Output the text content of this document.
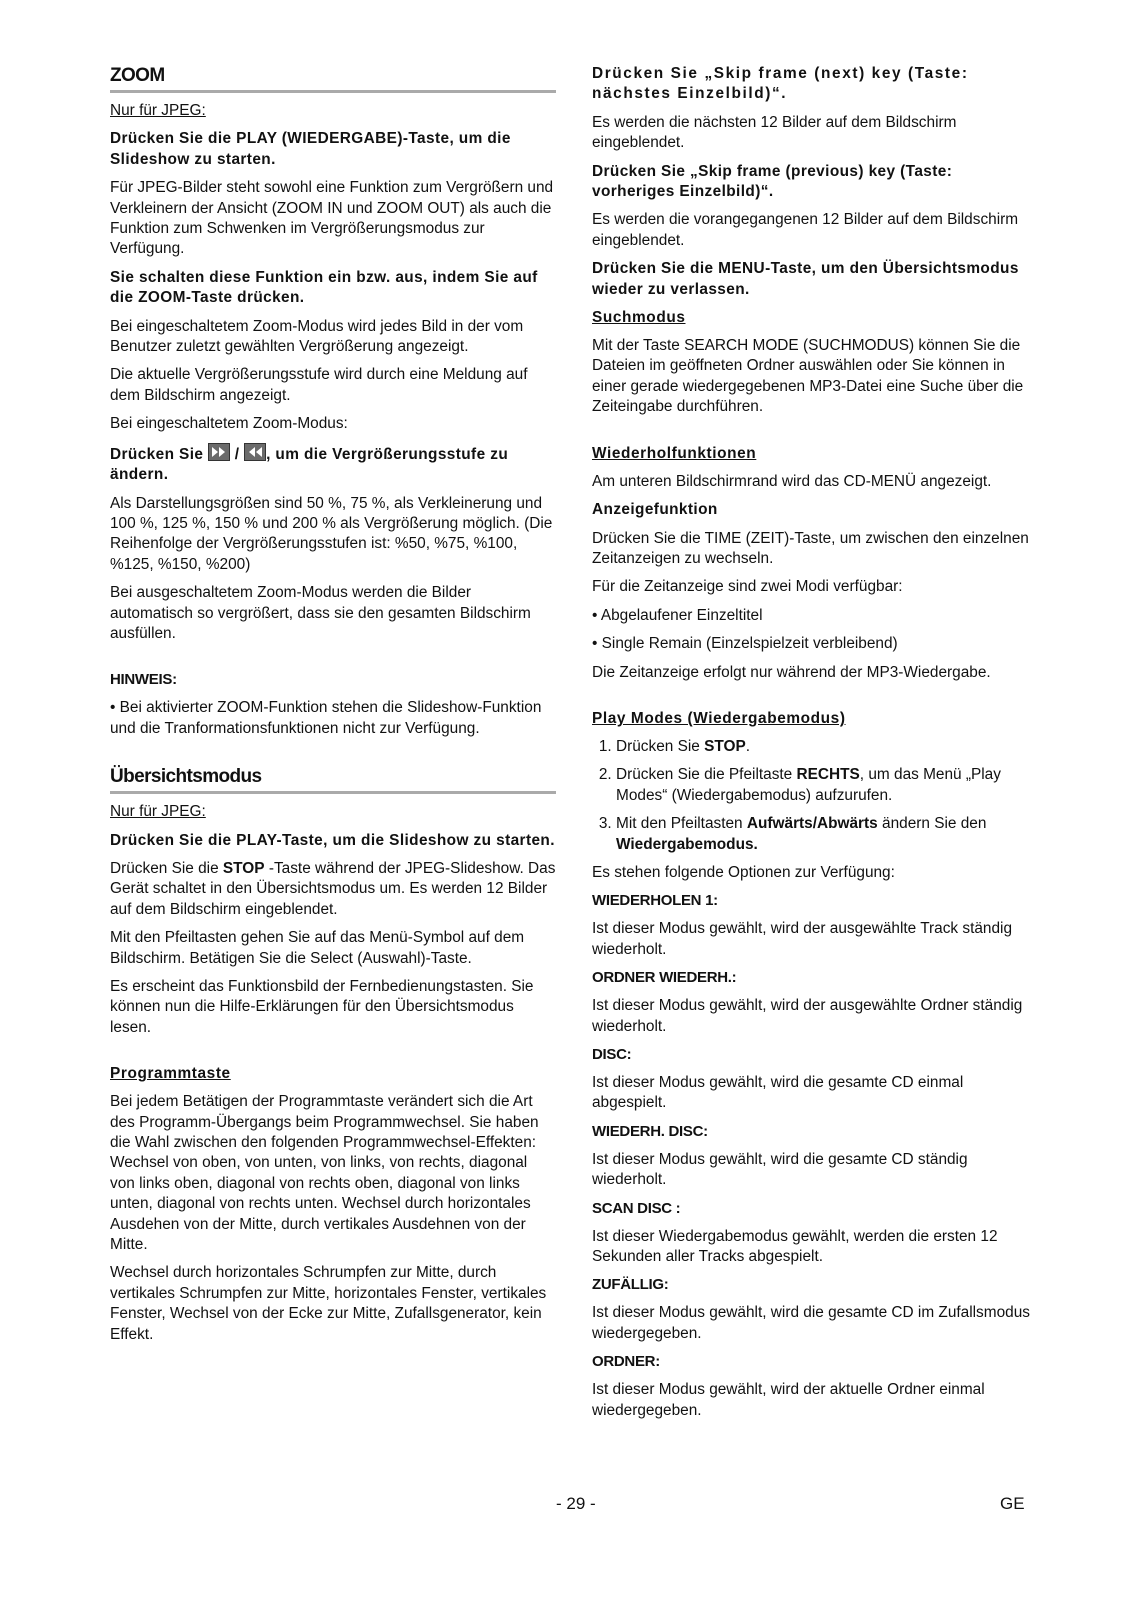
ZOOM

Nur für JPEG:

Drücken Sie die PLAY (WIEDERGABE)-Taste, um die Slideshow zu starten.

Für JPEG-Bilder steht sowohl eine Funktion zum Vergrößern und Verkleinern der Ansicht (ZOOM IN und ZOOM OUT) als auch die Funktion zum Schwenken im Vergrößerungsmodus zur Verfügung.

Sie schalten diese Funktion ein bzw. aus, indem Sie auf die ZOOM-Taste drücken.

Bei eingeschaltetem Zoom-Modus wird jedes Bild in der vom Benutzer zuletzt gewählten Vergrößerung angezeigt.

Die aktuelle Vergrößerungsstufe wird durch eine Meldung auf dem Bildschirm angezeigt.

Bei eingeschaltetem Zoom-Modus:

Drücken Sie
/
, um die Vergrößerungsstufe zu ändern.

Als Darstellungsgrößen sind 50 %, 75 %, als Verkleinerung und 100 %, 125 %, 150 % und 200 % als Vergrößerung möglich. (Die Reihenfolge der Vergrößerungsstufen ist: %50, %75, %100, %125, %150, %200)

Bei ausgeschaltetem Zoom-Modus werden die Bilder automatisch so vergrößert, dass sie den gesamten Bildschirm ausfüllen.

HINWEIS:

• Bei aktivierter ZOOM-Funktion stehen die Slideshow-Funktion und die Tranformationsfunktionen nicht zur Verfügung.

Übersichtsmodus

Nur für JPEG:

Drücken Sie die PLAY-Taste, um die Slideshow zu starten.

Drücken Sie die STOP -Taste während der JPEG-Slideshow. Das Gerät schaltet in den Übersichtsmodus um. Es werden 12 Bilder auf dem Bildschirm eingeblendet.

Mit den Pfeiltasten gehen Sie auf das Menü-Symbol auf dem Bildschirm. Betätigen Sie die Select (Auswahl)-Taste.

Es erscheint das Funktionsbild der Fernbedienungstasten. Sie können nun die Hilfe-Erklärungen für den Übersichtsmodus lesen.

Programmtaste

Bei jedem Betätigen der Programmtaste verändert sich die Art des Programm-Übergangs beim Programmwechsel. Sie haben die Wahl zwischen den folgenden Programmwechsel-Effekten: Wechsel von oben, von unten, von links, von rechts, diagonal von links oben, diagonal von rechts oben, diagonal von links unten, diagonal von rechts unten. Wechsel durch horizontales Ausdehen von der Mitte, durch vertikales Ausdehnen von der Mitte.

Wechsel durch horizontales Schrumpfen zur Mitte, durch vertikales Schrumpfen zur Mitte, horizontales Fenster, vertikales Fenster, Wechsel von der Ecke zur Mitte, Zufallsgenerator, kein Effekt.

Drücken Sie „Skip frame (next) key (Taste: nächstes Einzelbild)“.

Es werden die nächsten 12 Bilder auf dem Bildschirm eingeblendet.

Drücken Sie „Skip frame (previous) key (Taste: vorheriges Einzelbild)“.

Es werden die vorangegangenen 12 Bilder auf dem Bildschirm eingeblendet.

Drücken Sie die MENU-Taste, um den Übersichtsmodus wieder zu verlassen.

Suchmodus

Mit der Taste SEARCH MODE (SUCHMODUS) können Sie die Dateien im geöffneten Ordner auswählen oder Sie können in einer gerade wiedergegebenen MP3-Datei eine Suche über die Zeiteingabe durchführen.

Wiederholfunktionen

Am unteren Bildschirmrand wird das CD-MENÜ angezeigt.

Anzeigefunktion

Drücken Sie die TIME (ZEIT)-Taste, um zwischen den einzelnen Zeitanzeigen zu wechseln.

Für die Zeitanzeige sind zwei Modi verfügbar:

• Abgelaufener Einzeltitel

• Single Remain (Einzelspielzeit verbleibend)

Die Zeitanzeige erfolgt nur während der MP3-Wiedergabe.

Play Modes (Wiedergabemodus)

1. Drücken Sie STOP.
2. Drücken Sie die Pfeiltaste RECHTS, um das Menü „Play Modes“ (Wiedergabemodus) aufzurufen.
3. Mit den Pfeiltasten Aufwärts/Abwärts ändern Sie den Wiedergabemodus.

Es stehen folgende Optionen zur Verfügung:

WIEDERHOLEN 1:

Ist dieser Modus gewählt, wird der ausgewählte Track ständig wiederholt.

ORDNER WIEDERH.:

Ist dieser Modus gewählt, wird der ausgewählte Ordner ständig wiederholt.

DISC:

Ist dieser Modus gewählt, wird die gesamte CD einmal abgespielt.

WIEDERH. DISC:

Ist dieser Modus gewählt, wird die gesamte CD ständig wiederholt.

SCAN DISC :

Ist dieser Wiedergabemodus gewählt, werden die ersten 12 Sekunden aller Tracks abgespielt.

ZUFÄLLIG:

Ist dieser Modus gewählt, wird die gesamte CD im Zufallsmodus wiedergegeben.

ORDNER:

Ist dieser Modus gewählt, wird der aktuelle Ordner einmal wiedergegeben.

- 29 -	GE
